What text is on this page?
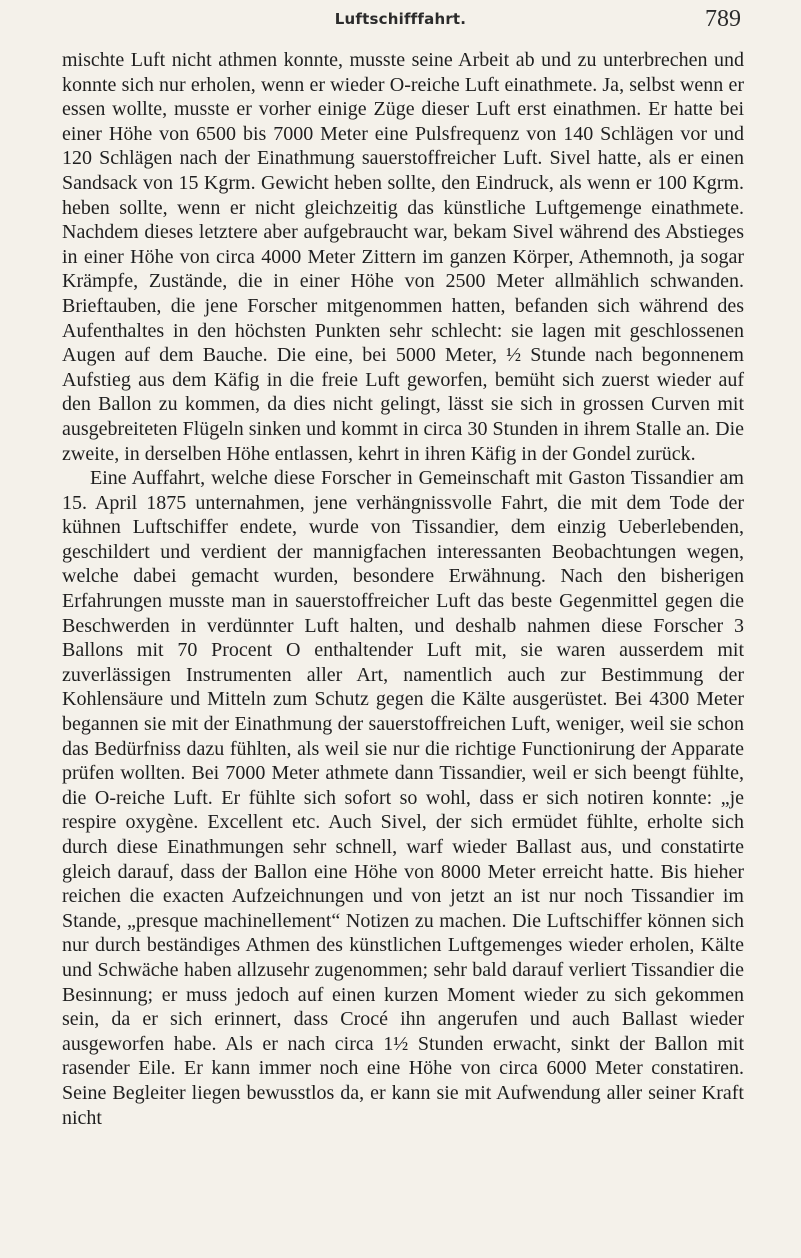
Luftschifffahrt.	789

mischte Luft nicht athmen konnte, musste seine Arbeit ab und zu unterbrechen und konnte sich nur erholen, wenn er wieder O-reiche Luft einathmete. Ja, selbst wenn er essen wollte, musste er vorher einige Züge dieser Luft erst einathmen. Er hatte bei einer Höhe von 6500 bis 7000 Meter eine Pulsfrequenz von 140 Schlägen vor und 120 Schlägen nach der Einathmung sauerstoffreicher Luft. Sivel hatte, als er einen Sandsack von 15 Kgrm. Gewicht heben sollte, den Eindruck, als wenn er 100 Kgrm. heben sollte, wenn er nicht gleichzeitig das künstliche Luftgemenge einathmete. Nachdem dieses letztere aber aufgebraucht war, bekam Sivel während des Abstieges in einer Höhe von circa 4000 Meter Zittern im ganzen Körper, Athemnoth, ja sogar Krämpfe, Zustände, die in einer Höhe von 2500 Meter allmählich schwanden. Brieftauben, die jene Forscher mitgenommen hatten, befanden sich während des Aufenthaltes in den höchsten Punkten sehr schlecht: sie lagen mit geschlossenen Augen auf dem Bauche. Die eine, bei 5000 Meter, ½ Stunde nach begonnenem Aufstieg aus dem Käfig in die freie Luft geworfen, bemüht sich zuerst wieder auf den Ballon zu kommen, da dies nicht gelingt, lässt sie sich in grossen Curven mit ausgebreiteten Flügeln sinken und kommt in circa 30 Stunden in ihrem Stalle an. Die zweite, in derselben Höhe entlassen, kehrt in ihren Käfig in der Gondel zurück.

Eine Auffahrt, welche diese Forscher in Gemeinschaft mit Gaston Tissandier am 15. April 1875 unternahmen, jene verhängnissvolle Fahrt, die mit dem Tode der kühnen Luftschiffer endete, wurde von Tissandier, dem einzig Ueberlebenden, geschildert und verdient der mannigfachen interessanten Beobachtungen wegen, welche dabei gemacht wurden, besondere Erwähnung. Nach den bisherigen Erfahrungen musste man in sauerstoffreicher Luft das beste Gegenmittel gegen die Beschwerden in verdünnter Luft halten, und deshalb nahmen diese Forscher 3 Ballons mit 70 Procent O enthaltender Luft mit, sie waren ausserdem mit zuverlässigen Instrumenten aller Art, namentlich auch zur Bestimmung der Kohlensäure und Mitteln zum Schutz gegen die Kälte ausgerüstet. Bei 4300 Meter begannen sie mit der Einathmung der sauerstoffreichen Luft, weniger, weil sie schon das Bedürfniss dazu fühlten, als weil sie nur die richtige Functionirung der Apparate prüfen wollten. Bei 7000 Meter athmete dann Tissandier, weil er sich beengt fühlte, die O-reiche Luft. Er fühlte sich sofort so wohl, dass er sich notiren konnte: „je respire oxygène. Excellent etc. Auch Sivel, der sich ermüdet fühlte, erholte sich durch diese Einathmungen sehr schnell, warf wieder Ballast aus, und constatirte gleich darauf, dass der Ballon eine Höhe von 8000 Meter erreicht hatte. Bis hieher reichen die exacten Aufzeichnungen und von jetzt an ist nur noch Tissandier im Stande, „presque machinellement“ Notizen zu machen. Die Luftschiffer können sich nur durch beständiges Athmen des künstlichen Luftgemenges wieder erholen, Kälte und Schwäche haben allzusehr zugenommen; sehr bald darauf verliert Tissandier die Besinnung; er muss jedoch auf einen kurzen Moment wieder zu sich gekommen sein, da er sich erinnert, dass Crocé ihn angerufen und auch Ballast wieder ausgeworfen habe. Als er nach circa 1½ Stunden erwacht, sinkt der Ballon mit rasender Eile. Er kann immer noch eine Höhe von circa 6000 Meter constatiren. Seine Begleiter liegen bewusstlos da, er kann sie mit Aufwendung aller seiner Kraft nicht
